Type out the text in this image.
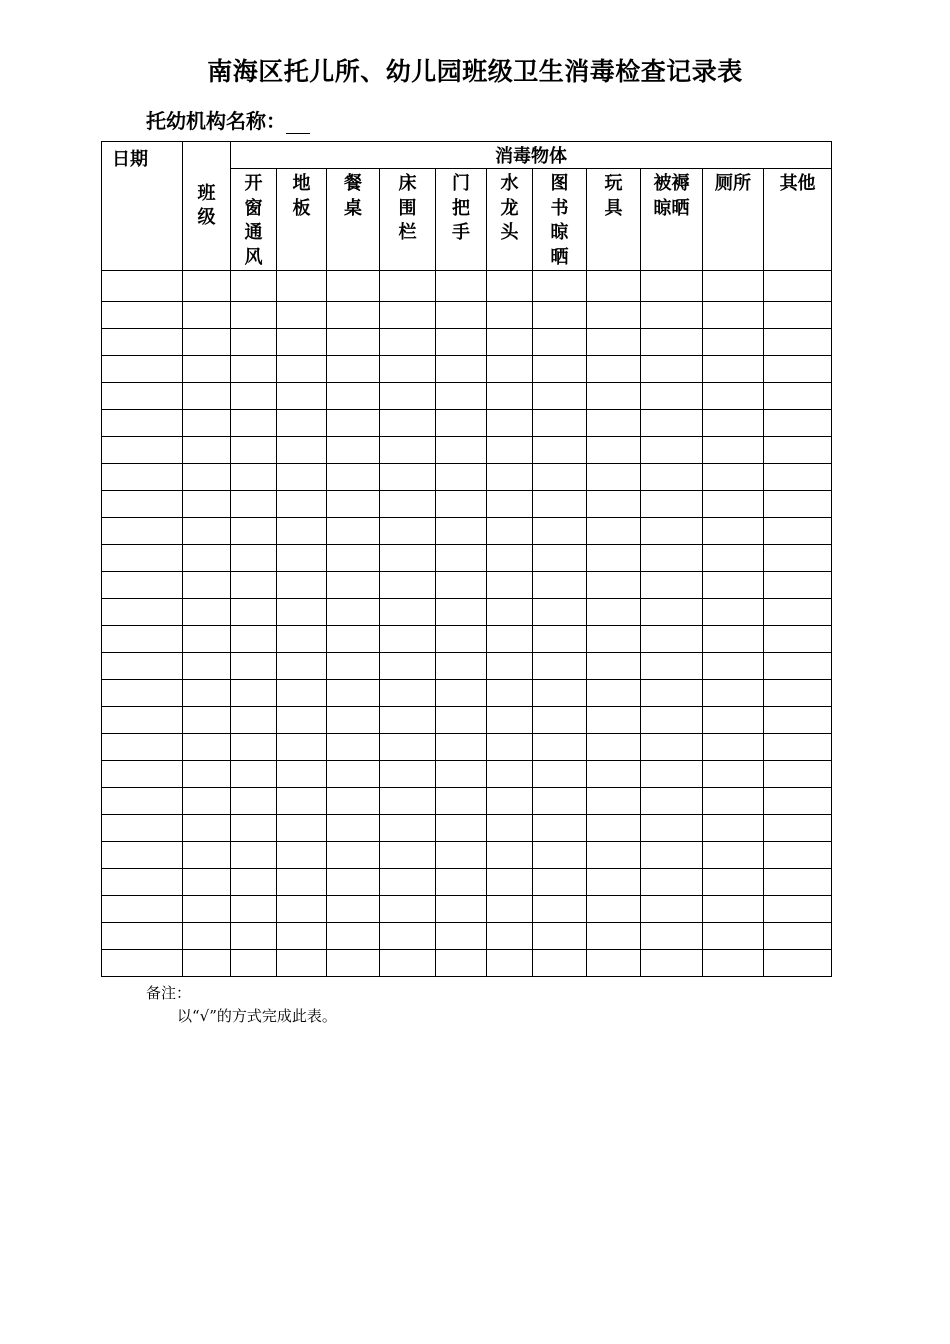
南海区托儿所、幼儿园班级卫生消毒检查记录表
托幼机构名称：
日期	班级	消毒物体										
		开窗通风	地板	餐桌	床围栏	门把手	水龙头	图书晾晒	玩具	被褥晾晒	厕所	其他

备注：
以“√”的方式完成此表。
